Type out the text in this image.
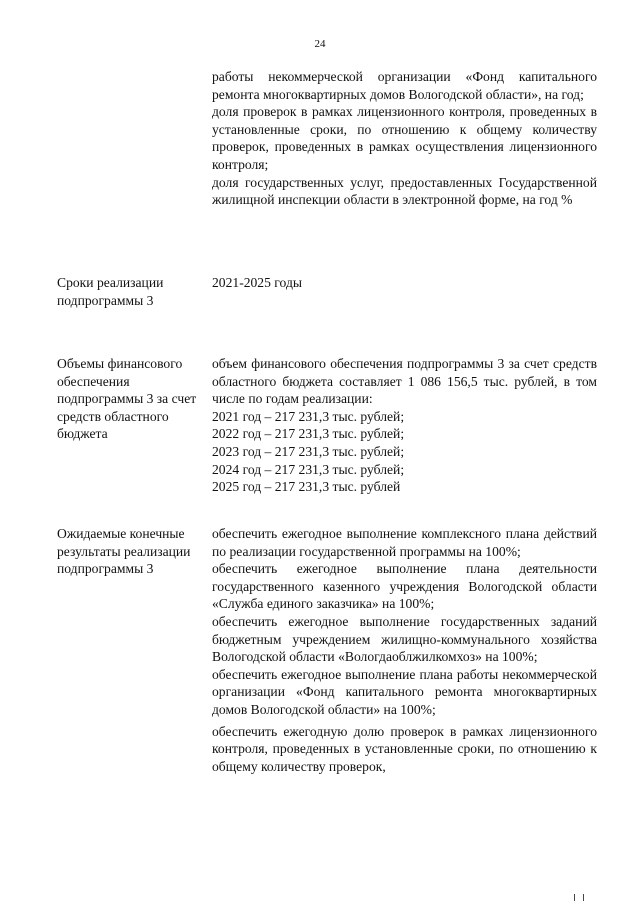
24

работы некоммерческой организации «Фонд капитального ремонта многоквартирных домов Вологодской области», на год;

доля проверок в рамках лицензионного контроля, проведенных в установленные сроки, по отношению к общему количеству проверок, проведенных в рамках осуществления лицензионного контроля;

доля государственных услуг, предоставленных Государственной жилищной инспекции области в электронной форме, на год %

Сроки реализации подпрограммы 3

2021-2025 годы

Объемы финансового обеспечения подпрограммы 3 за счет средств областного бюджета

объем финансового обеспечения подпрограммы 3 за счет средств областного бюджета составляет 1 086 156,5 тыс. рублей, в том числе по годам реализации:

2021 год – 217 231,3 тыс. рублей;

2022 год – 217 231,3 тыс. рублей;

2023 год – 217 231,3 тыс. рублей;

2024 год – 217 231,3 тыс. рублей;

2025 год – 217 231,3 тыс. рублей

Ожидаемые конечные результаты реализации подпрограммы 3

обеспечить ежегодное выполнение комплексного плана действий по реализации государственной программы на 100%;

обеспечить ежегодное выполнение плана деятельности государственного казенного учреждения Вологодской области «Служба единого заказчика» на 100%;

обеспечить ежегодное выполнение государственных заданий бюджетным учреждением жилищно-коммунального хозяйства Вологодской области «Вологдаоблжилкомхоз» на 100%;

обеспечить ежегодное выполнение плана работы некоммерческой организации «Фонд капитального ремонта многоквартирных домов Вологодской области» на 100%;

обеспечить ежегодную долю проверок в рамках лицензионного контроля, проведенных в установленные сроки, по отношению к общему количеству проверок,
